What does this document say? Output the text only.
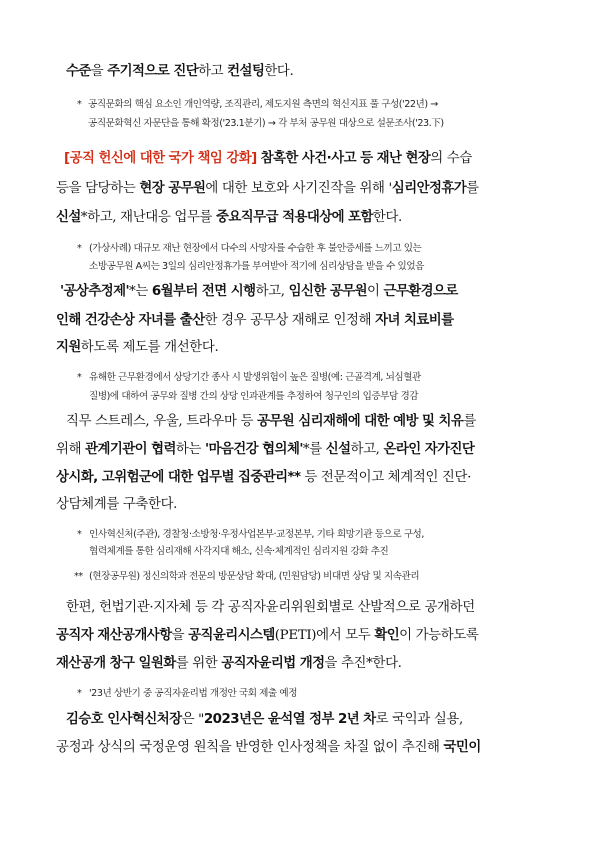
수준을 주기적으로 진단하고 컨설팅한다.
* 공직문화의 핵심 요소인 개인역량, 조직관리, 제도지원 측면의 혁신지표 풀 구성('22년) →
공직문화혁신 자문단을 통해 확정('23.1분기) → 각 부처 공무원 대상으로 설문조사('23.下)
[공직 헌신에 대한 국가 책임 강화] 참혹한 사건·사고 등 재난 현장의 수습
등을 담당하는 현장 공무원에 대한 보호와 사기진작을 위해 '심리안정휴가를
신설*하고, 재난대응 업무를 중요직무급 적용대상에 포함한다.
* (가상사례) 대규모 재난 현장에서 다수의 사망자를 수습한 후 불안증세를 느끼고 있는
소방공무원 A씨는 3일의 심리안정휴가를 부여받아 적기에 심리상담을 받을 수 있었음
'공상추정제'*는 6월부터 전면 시행하고, 임신한 공무원이 근무환경으로
인해 건강손상 자녀를 출산한 경우 공무상 재해로 인정해 자녀 치료비를
지원하도록 제도를 개선한다.
* 유해한 근무환경에서 상당기간 종사 시 발생위험이 높은 질병(예: 근골격계, 뇌심혈관
질병)에 대하여 공무와 질병 간의 상당 인과관계를 추정하여 청구인의 입증부담 경감
직무 스트레스, 우울, 트라우마 등 공무원 심리재해에 대한 예방 및 치유를
위해 관계기관이 협력하는 '마음건강 협의체'*를 신설하고, 온라인 자가진단
상시화, 고위험군에 대한 업무별 집중관리** 등 전문적이고 체계적인 진단·
상담체계를 구축한다.
* 인사혁신처(주관), 경찰청·소방청·우정사업본부·교정본부, 기타 희망기관 등으로 구성,
협력체계를 통한 심리재해 사각지대 해소, 신속·체계적인 심리지원 강화 추진
** (현장공무원) 정신의학과 전문의 방문상담 확대, (민원담당) 비대면 상담 및 지속관리
한편, 헌법기관·지자체 등 각 공직자윤리위원회별로 산발적으로 공개하던
공직자 재산공개사항을 공직윤리시스템(PETI)에서 모두 확인이 가능하도록
재산공개 창구 일원화를 위한 공직자윤리법 개정을 추진*한다.
* '23년 상반기 중 공직자윤리법 개정안 국회 제출 예정
김승호 인사혁신처장은 "2023년은 윤석열 정부 2년 차로 국익과 실용,
공정과 상식의 국정운영 원칙을 반영한 인사정책을 차질 없이 추진해 국민이
